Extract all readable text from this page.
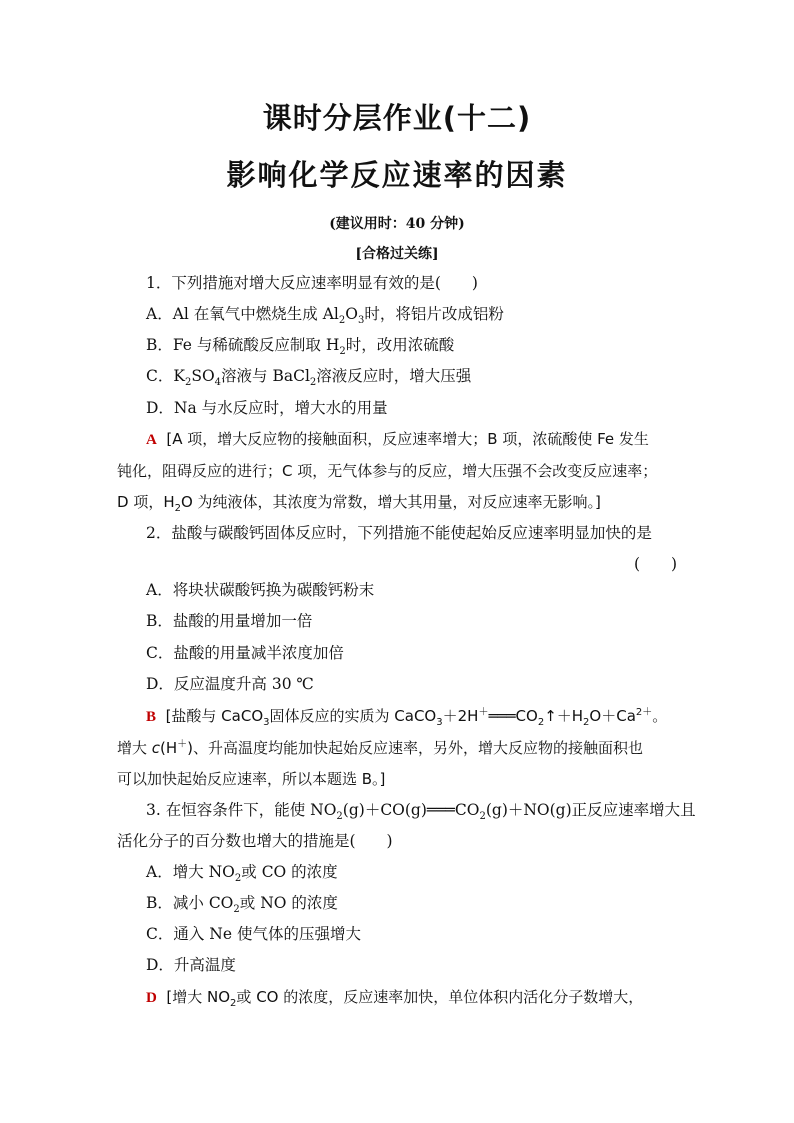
课时分层作业(十二)
影响化学反应速率的因素
(建议用时：40 分钟)
[合格过关练]
1．下列措施对增大反应速率明显有效的是(　　)
A．Al 在氧气中燃烧生成 $Al_2O_3$时，将铝片改成铝粉
B．Fe 与稀硫酸反应制取 $H_2$时，改用浓硫酸
C．$K_2SO_4$溶液与 BaCl$_2$溶液反应时，增大压强
D．Na 与水反应时，增大水的用量
A [A 项，增大反应物的接触面积，反应速率增大；B 项，浓硫酸使 Fe 发生
钝化，阻碍反应的进行；C 项，无气体参与的反应，增大压强不会改变反应速率；
D 项，$H_2O$ 为纯液体，其浓度为常数，增大其用量，对反应速率无影响。]
2．盐酸与碳酸钙固体反应时，下列措施不能使起始反应速率明显加快的是
(　　)
A．将块状碳酸钙换为碳酸钙粉末
B．盐酸的用量增加一倍
C．盐酸的用量减半浓度加倍
D．反应温度升高 30 ℃
B [盐酸与 CaCO$_3$固体反应的实质为 $CaCO_3+2H^+═══CO_2↑+H_2O+Ca^{2+}$。
增大 c(H＋)、升高温度均能加快起始反应速率，另外，增大反应物的接触面积也
可以加快起始反应速率，所以本题选 B。]
3. 在恒容条件下，能使 $NO_2(g)+CO(g)═══CO_2(g)+NO(g)$正反应速率增大且
活化分子的百分数也增大的措施是(　　)
A．增大 $NO_2$或 CO 的浓度
B．减小 $CO_2$或 NO 的浓度
C．通入 Ne 使气体的压强增大
D．升高温度
D [增大 $NO_2$或 CO 的浓度，反应速率加快，单位体积内活化分子数增大，
